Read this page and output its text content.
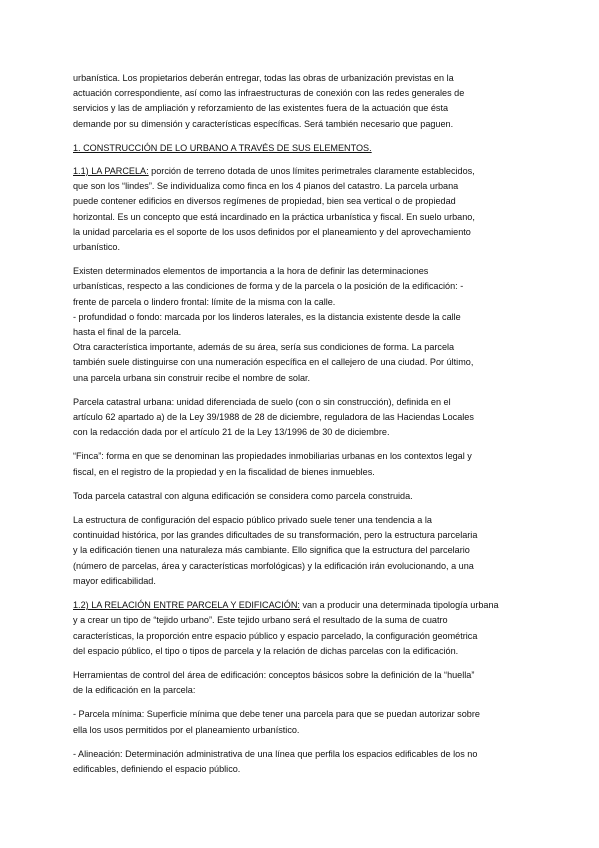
urbanística. Los propietarios deberán entregar, todas las obras de urbanización previstas en la
actuación correspondiente, así como las infraestructuras de conexión con las redes generales de
servicios y las de ampliación y reforzamiento de las existentes fuera de la actuación que ésta
demande por su dimensión y características específicas. Será también necesario que paguen.

1. CONSTRUCCIÓN DE LO URBANO A TRAVÉS DE SUS ELEMENTOS.

1.1) LA PARCELA: porción de terreno dotada de unos límites perimetrales claramente establecidos,
que son los “lindes”. Se individualiza como finca en los 4 pianos del catastro. La parcela urbana
puede contener edificios en diversos regímenes de propiedad, bien sea vertical o de propiedad
horizontal. Es un concepto que está incardinado en la práctica urbanística y fiscal. En suelo urbano,
la unidad parcelaria es el soporte de los usos definidos por el planeamiento y del aprovechamiento
urbanístico.

Existen determinados elementos de importancia a la hora de definir las determinaciones
urbanísticas, respecto a las condiciones de forma y de la parcela o la posición de la edificación: -
frente de parcela o lindero frontal: límite de la misma con la calle.
- profundidad o fondo: marcada por los linderos laterales, es la distancia existente desde la calle
hasta el final de la parcela.
Otra característica importante, además de su área, sería sus condiciones de forma. La parcela
también suele distinguirse con una numeración específica en el callejero de una ciudad. Por último,
una parcela urbana sin construir recibe el nombre de solar.

Parcela catastral urbana: unidad diferenciada de suelo (con o sin construcción), definida en el
artículo 62 apartado a) de la Ley 39/1988 de 28 de diciembre, reguladora de las Haciendas Locales
con la redacción dada por el artículo 21 de la Ley 13/1996 de 30 de diciembre.

“Finca”: forma en que se denominan las propiedades inmobiliarias urbanas en los contextos legal y
fiscal, en el registro de la propiedad y en la fiscalidad de bienes inmuebles.

Toda parcela catastral con alguna edificación se considera como parcela construida.

La estructura de configuración del espacio público privado suele tener una tendencia a la
continuidad histórica, por las grandes dificultades de su transformación, pero la estructura parcelaria
y la edificación tienen una naturaleza más cambiante. Ello significa que la estructura del parcelario
(número de parcelas, área y características morfológicas) y la edificación irán evolucionando, a una
mayor edificabilidad.

1.2) LA RELACIÓN ENTRE PARCELA Y EDIFICACIÓN: van a producir una determinada tipología urbana
y a crear un tipo de “tejido urbano”. Este tejido urbano será el resultado de la suma de cuatro
características, la proporción entre espacio público y espacio parcelado, la configuración geométrica
del espacio público, el tipo o tipos de parcela y la relación de dichas parcelas con la edificación.

Herramientas de control del área de edificación: conceptos básicos sobre la definición de la “huella”
de la edificación en la parcela:

- Parcela mínima: Superficie mínima que debe tener una parcela para que se puedan autorizar sobre
ella los usos permitidos por el planeamiento urbanístico.

- Alineación: Determinación administrativa de una línea que perfila los espacios edificables de los no
edificables, definiendo el espacio público.
